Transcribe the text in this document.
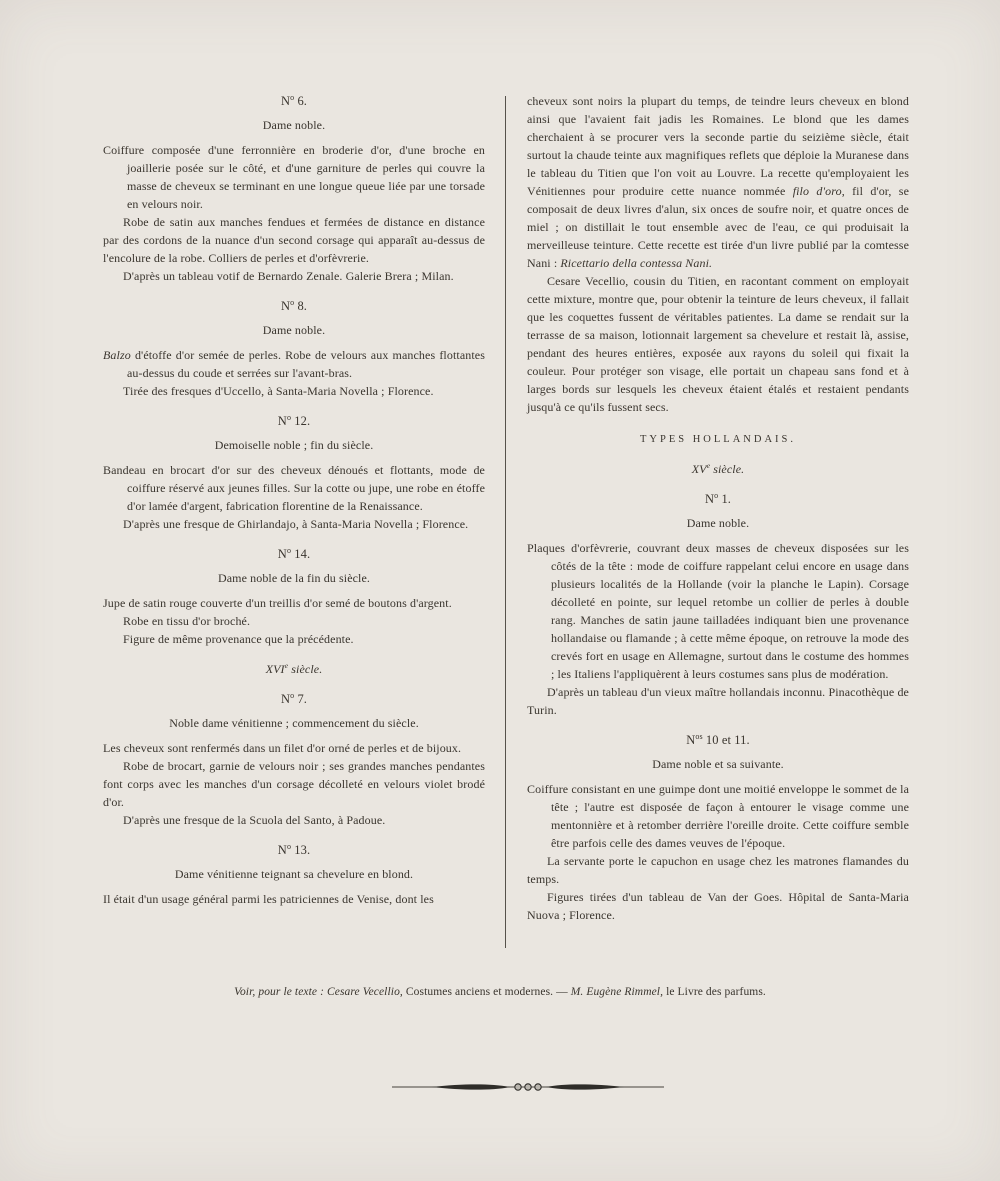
$N^o$ 6.
Dame noble.

Coiffure composée d'une ferronnière en broderie d'or, d'une broche en joaillerie posée sur le côté, et d'une garniture de perles qui couvre la masse de cheveux se terminant en une longue queue liée par une torsade en velours noir.

Robe de satin aux manches fendues et fermées de distance en distance par des cordons de la nuance d'un second corsage qui apparaît au-dessus de l'encolure de la robe. Colliers de perles et d'orfèvrerie.

D'après un tableau votif de Bernardo Zenale. Galerie Brera ; Milan.

$N^o$ 8.
Dame noble.

Balzo d'étoffe d'or semée de perles. Robe de velours aux manches flottantes au-dessus du coude et serrées sur l'avant-bras.

Tirée des fresques d'Uccello, à Santa-Maria Novella ; Florence.

$N^o$ 12.
Demoiselle noble ; fin du siècle.

Bandeau en brocart d'or sur des cheveux dénoués et flottants, mode de coiffure réservé aux jeunes filles. Sur la cotte ou jupe, une robe en étoffe d'or lamée d'argent, fabrication florentine de la Renaissance.

D'après une fresque de Ghirlandajo, à Santa-Maria Novella ; Florence.

$N^o$ 14.
Dame noble de la fin du siècle.

Jupe de satin rouge couverte d'un treillis d'or semé de boutons d'argent.

Robe en tissu d'or broché.

Figure de même provenance que la précédente.

XVIe siècle.
$N^o$ 7.
Noble dame vénitienne ; commencement du siècle.

Les cheveux sont renfermés dans un filet d'or orné de perles et de bijoux.

Robe de brocart, garnie de velours noir ; ses grandes manches pendantes font corps avec les manches d'un corsage décolleté en velours violet brodé d'or.

D'après une fresque de la Scuola del Santo, à Padoue.

$N^o$ 13.
Dame vénitienne teignant sa chevelure en blond.

Il était d'un usage général parmi les patriciennes de Venise, dont les

cheveux sont noirs la plupart du temps, de teindre leurs cheveux en blond ainsi que l'avaient fait jadis les Romaines. Le blond que les dames cherchaient à se procurer vers la seconde partie du seizième siècle, était surtout la chaude teinte aux magnifiques reflets que déploie la Muranese dans le tableau du Titien que l'on voit au Louvre. La recette qu'employaient les Vénitiennes pour produire cette nuance nommée filo d'oro, fil d'or, se composait de deux livres d'alun, six onces de soufre noir, et quatre onces de miel ; on distillait le tout ensemble avec de l'eau, ce qui produisait la merveilleuse teinture. Cette recette est tirée d'un livre publié par la comtesse Nani : Ricettario della contessa Nani.

Cesare Vecellio, cousin du Titien, en racontant comment on employait cette mixture, montre que, pour obtenir la teinture de leurs cheveux, il fallait que les coquettes fussent de véritables patientes. La dame se rendait sur la terrasse de sa maison, lotionnait largement sa chevelure et restait là, assise, pendant des heures entières, exposée aux rayons du soleil qui fixait la couleur. Pour protéger son visage, elle portait un chapeau sans fond et à larges bords sur lesquels les cheveux étaient étalés et restaient pendants jusqu'à ce qu'ils fussent secs.

TYPES HOLLANDAIS.
XVe siècle.
$N^o$ 1.
Dame noble.

Plaques d'orfèvrerie, couvrant deux masses de cheveux disposées sur les côtés de la tête : mode de coiffure rappelant celui encore en usage dans plusieurs localités de la Hollande (voir la planche le Lapin). Corsage décolleté en pointe, sur lequel retombe un collier de perles à double rang. Manches de satin jaune tailladées indiquant bien une provenance hollandaise ou flamande ; à cette même époque, on retrouve la mode des crevés fort en usage en Allemagne, surtout dans le costume des hommes ; les Italiens l'appliquèrent à leurs costumes sans plus de modération.

D'après un tableau d'un vieux maître hollandais inconnu. Pinacothèque de Turin.

$N^{os}$ 10 et 11.
Dame noble et sa suivante.

Coiffure consistant en une guimpe dont une moitié enveloppe le sommet de la tête ; l'autre est disposée de façon à entourer le visage comme une mentonnière et à retomber derrière l'oreille droite. Cette coiffure semble être parfois celle des dames veuves de l'époque.

La servante porte le capuchon en usage chez les matrones flamandes du temps.

Figures tirées d'un tableau de Van der Goes. Hôpital de Santa-Maria Nuova ; Florence.

Voir, pour le texte : Cesare Vecellio, Costumes anciens et modernes. — M. Eugène Rimmel, le Livre des parfums.
